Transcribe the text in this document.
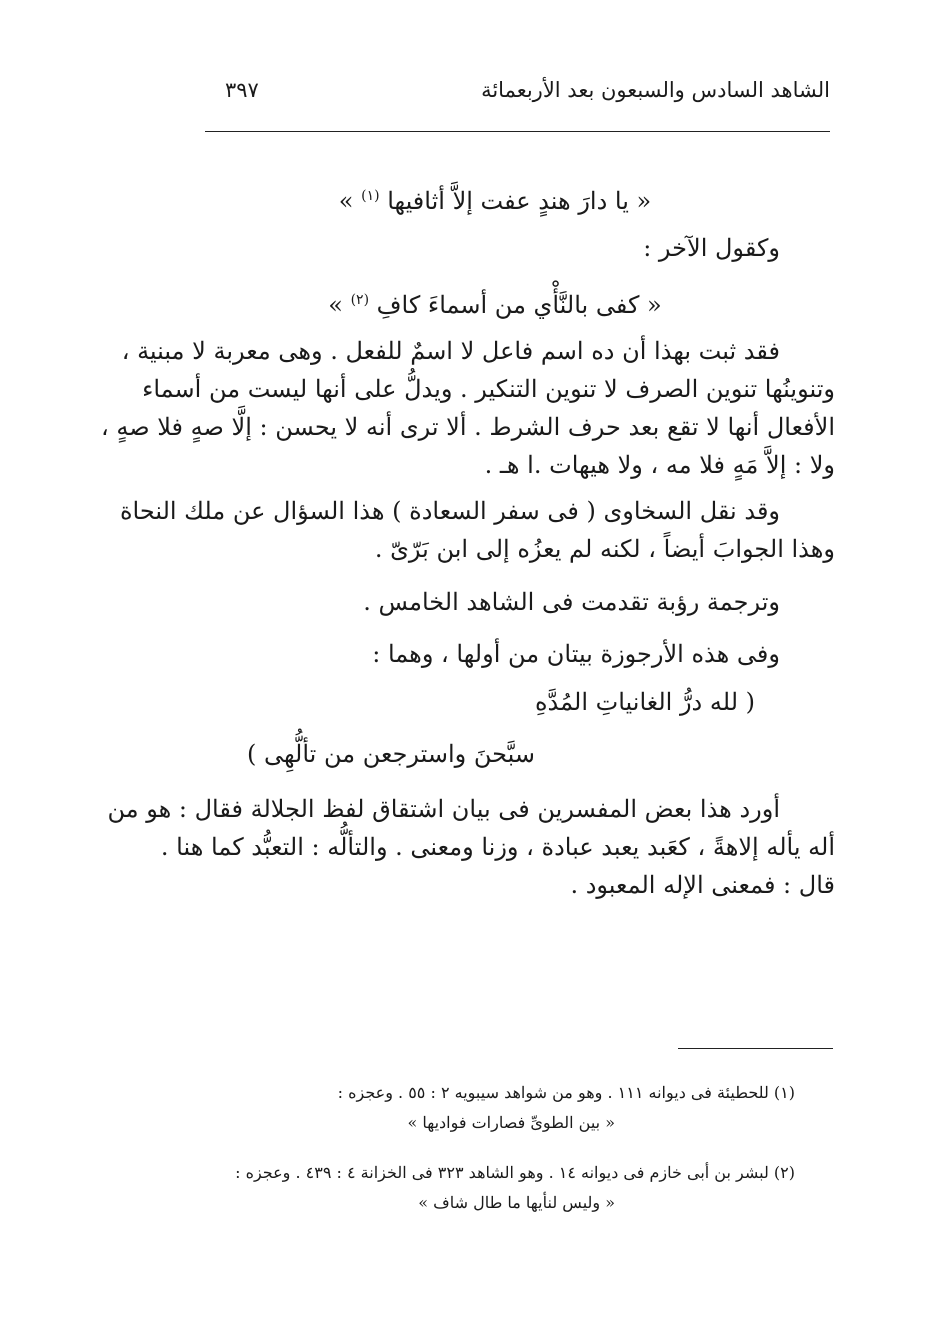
الشاهد السادس والسبعون بعد الأربعمائة
٣٩٧
« يا دارَ هندٍ عفت إلاَّ أثافيها $^{(١)}$ »
وكقول الآخر :
« كفى بالنَّأْي من أسماءَ كافِ $^{(٢)}$ »
فقد ثبت بهذا أن ده اسم فاعل لا اسمٌ للفعل . وهى معربة لا مبنية ،
وتنوينُها تنوين الصرف لا تنوين التنكير . ويدلُّ على أنها ليست من أسماء
الأفعال أنها لا تقع بعد حرف الشرط . ألا ترى أنه لا يحسن : إلَّا صهٍ فلا صهٍ ،
ولا : إلاَّ مَهٍ فلا مه ، ولا هيهات .ا هـ .
وقد نقل السخاوى ( فى سفر السعادة ) هذا السؤال عن ملك النحاة
وهذا الجوابَ أيضاً ، لكنه لم يعزُه إلى ابن بَرّىّ .
وترجمة رؤبة تقدمت فى الشاهد الخامس .
وفى هذه الأرجوزة بيتان من أولها ، وهما :
( لله درُّ الغانياتِ المُدَّهِ
سبَّحنَ واسترجعن من تألُّهِى )
أورد هذا بعض المفسرين فى بيان اشتقاق لفظ الجلالة فقال : هو من
أله يأله إلاهةً ، كعَبد يعبد عبادة ، وزنا ومعنى . والتألُّه : التعبُّد كما هنا .
قال : فمعنى الإله المعبود .
(١) للحطيئة فى ديوانه ١١١ . وهو من شواهد سيبويه ٢ : ٥٥ . وعجزه :
« بين الطوىِّ فصارات فواديها »
(٢) لبشر بن أبى خازم فى ديوانه ١٤ . وهو الشاهد ٣٢٣ فى الخزانة ٤ : ٤٣٩ . وعجزه :
« وليس لنأيها ما طال شاف »
